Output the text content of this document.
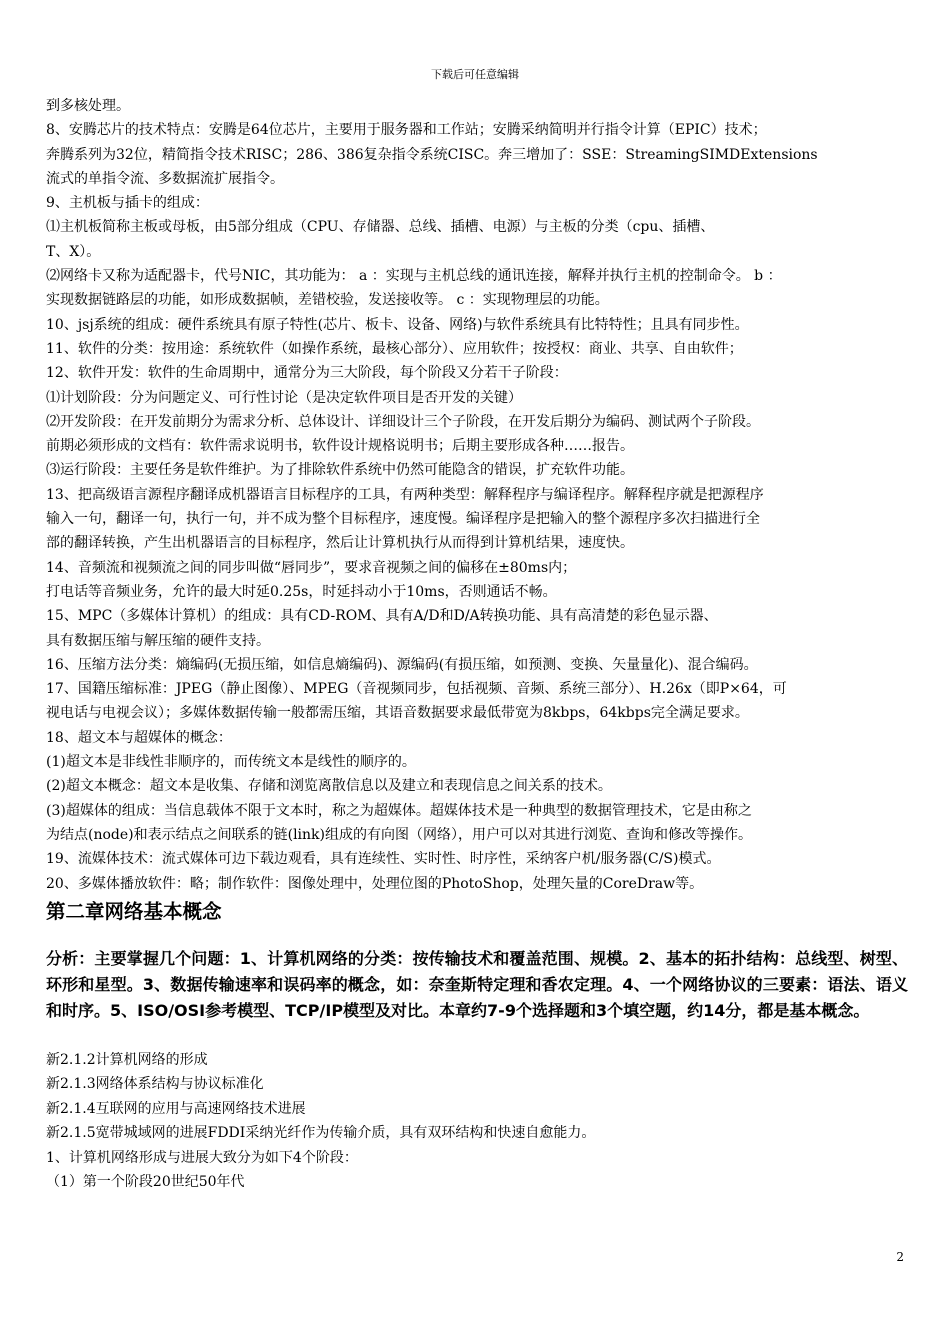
下载后可任意编辑
到多核处理。
8、安腾芯片的技术特点：安腾是64位芯片，主要用于服务器和工作站；安腾采纳简明并行指令计算（EPIC）技术；
奔腾系列为32位，精简指令技术RISC；286、386复杂指令系统CISC。奔三增加了：SSE：StreamingSIMDExtensions
流式的单指令流、多数据流扩展指令。
9、主机板与插卡的组成：
⑴主机板简称主板或母板，由5部分组成（CPU、存储器、总线、插槽、电源）与主板的分类（cpu、插槽、
T、X）。
⑵网络卡又称为适配器卡，代号NIC，其功能为： a ：实现与主机总线的通讯连接，解释并执行主机的控制命令。 b ：
实现数据链路层的功能，如形成数据帧，差错校验，发送接收等。 c ：实现物理层的功能。
10、jsj系统的组成：硬件系统具有原子特性(芯片、板卡、设备、网络)与软件系统具有比特特性；且具有同步性。
11、软件的分类：按用途：系统软件（如操作系统，最核心部分）、应用软件；按授权：商业、共享、自由软件；
12、软件开发：软件的生命周期中，通常分为三大阶段，每个阶段又分若干子阶段：
⑴计划阶段：分为问题定义、可行性讨论（是决定软件项目是否开发的关键）
⑵开发阶段：在开发前期分为需求分析、总体设计、详细设计三个子阶段，在开发后期分为编码、测试两个子阶段。
前期必须形成的文档有：软件需求说明书，软件设计规格说明书；后期主要形成各种……报告。
⑶运行阶段：主要任务是软件维护。为了排除软件系统中仍然可能隐含的错误，扩充软件功能。
13、把高级语言源程序翻译成机器语言目标程序的工具，有两种类型：解释程序与编译程序。解释程序就是把源程序
输入一句，翻译一句，执行一句，并不成为整个目标程序，速度慢。编译程序是把输入的整个源程序多次扫描进行全
部的翻译转换，产生出机器语言的目标程序，然后让计算机执行从而得到计算机结果，速度快。
14、音频流和视频流之间的同步叫做“唇同步”，要求音视频之间的偏移在±80ms内；
打电话等音频业务，允许的最大时延0.25s，时延抖动小于10ms，否则通话不畅。
15、MPC（多媒体计算机）的组成：具有CD-ROM、具有A/D和D/A转换功能、具有高清楚的彩色显示器、
具有数据压缩与解压缩的硬件支持。
16、压缩方法分类：熵编码(无损压缩，如信息熵编码)、源编码(有损压缩，如预测、变换、矢量量化)、混合编码。
17、国籍压缩标准：JPEG（静止图像）、MPEG（音视频同步，包括视频、音频、系统三部分）、H.26x（即P×64，可
视电话与电视会议）；多媒体数据传输一般都需压缩，其语音数据要求最低带宽为8kbps，64kbps完全满足要求。
18、超文本与超媒体的概念：
(1)超文本是非线性非顺序的，而传统文本是线性的顺序的。
(2)超文本概念：超文本是收集、存储和浏览离散信息以及建立和表现信息之间关系的技术。
(3)超媒体的组成：当信息载体不限于文本时，称之为超媒体。超媒体技术是一种典型的数据管理技术，它是由称之
为结点(node)和表示结点之间联系的链(link)组成的有向图（网络），用户可以对其进行浏览、查询和修改等操作。
19、流媒体技术：流式媒体可边下载边观看，具有连续性、实时性、时序性，采纳客户机/服务器(C/S)模式。
20、多媒体播放软件：略；制作软件：图像处理中，处理位图的PhotoShop，处理矢量的CoreDraw等。
第二章网络基本概念
分析：主要掌握几个问题：1、计算机网络的分类：按传输技术和覆盖范围、规模。2、基本的拓扑结构：总线型、树型、环形和星型。3、数据传输速率和误码率的概念，如：奈奎斯特定理和香农定理。4、一个网络协议的三要素：语法、语义和时序。5、ISO/OSI参考模型、TCP/IP模型及对比。本章约7-9个选择题和3个填空题，约14分，都是基本概念。
新2.1.2计算机网络的形成
新2.1.3网络体系结构与协议标准化
新2.1.4互联网的应用与高速网络技术进展
新2.1.5宽带城域网的进展FDDI采纳光纤作为传输介质，具有双环结构和快速自愈能力。
1、计算机网络形成与进展大致分为如下4个阶段：
（1）第一个阶段20世纪50年代
2
